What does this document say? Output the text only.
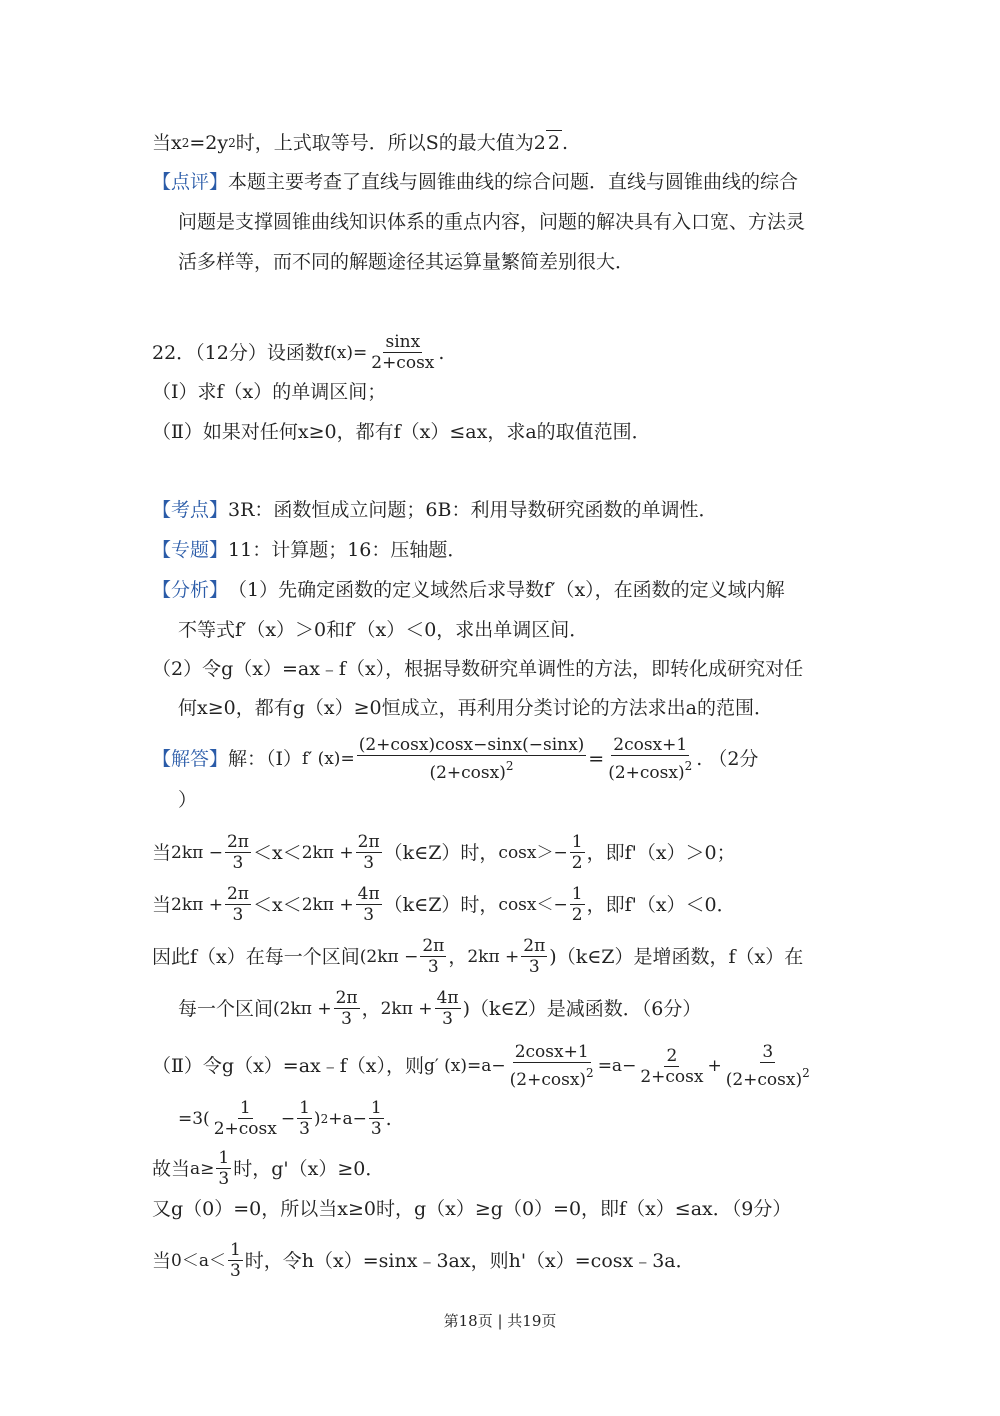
当x 2 =2y 2 时，上式取等号．所以S的最大值为2 2 .
【点评】 本题主要考查了直线与圆锥曲线的综合问题．直线与圆锥曲线的综合
问题是支撑圆锥曲线知识体系的重点内容，问题的解决具有入口宽、方法灵
活多样等，而不同的解题途径其运算量繁简差别很大．
22．（12分）设函数 $f(x)= \frac{\sin x}{2+\cos x}$ .
（Ⅰ）求f（x）的单调区间；
（Ⅱ）如果对任何x≥0，都有f（x）≤ax，求a的取值范围．
【考点】 3R：函数恒成立问题；6B：利用导数研究函数的单调性．
【专题】 11：计算题；16：压轴题．
【分析】 （1）先确定函数的定义域然后求导数f′（x），在函数的定义域内解
不等式f′（x）＞0和f′（x）＜0，求出单调区间．
（2）令g（x）=ax﹣f（x），根据导数研究单调性的方法，即转化成研究对任
何x≥0，都有g（x）≥0恒成立，再利用分类讨论的方法求出a的范围．
【解答】 解：（Ⅰ） f′ $(x)= \frac{(2+\cos x)\cos x-\sin x(-\sin x)}{(2+\cos x)^2} = \frac{2\cos x+1}{(2+\cos x)^2}$ . （2分
）
当 $2k\pi - \frac{2\pi}{3} <x< 2k\pi + \frac{2\pi}{3}$ （k∈Z）时， $\cos x>- \frac{1}{2}$ ，即f'（x）＞0；
当 $2k\pi + \frac{2\pi}{3} <x< 2k\pi + \frac{4\pi}{3}$ （k∈Z）时， $\cos x<- \frac{1}{2}$ ，即f'（x）＜0．
因此f（x）在每一个区间 ($2k\pi - \frac{2\pi}{3}$ ， $2k\pi + \frac{2\pi}{3}$ )（k∈Z）是增函数，f（x）在
每一个区间 ($2k\pi + \frac{2\pi}{3}$ ， $2k\pi + \frac{4\pi}{3}$ )（k∈Z）是减函数．（6分）
（Ⅱ）令g（x）=ax﹣f（x），则 g′ $(x)=a- \frac{2\cos x+1}{(2+\cos x)^2} =a- \frac{2}{2+\cos x} + \frac{3}{(2+\cos x)^2}$
$=3( \frac{1}{2+\cos x} - \frac{1}{3}$ ) $2 +a- \frac{1}{3}$ .
故当 $a\ge \frac{1}{3}$ 时，g'（x）≥0．
又g（0）=0，所以当x≥0时，g（x）≥g（0）=0，即f（x）≤ax．（9分）
当 $0<a< \frac{1}{3}$ 时，令h（x）=sinx﹣3ax，则h'（x）=cosx﹣3a．
第18页 | 共19页
